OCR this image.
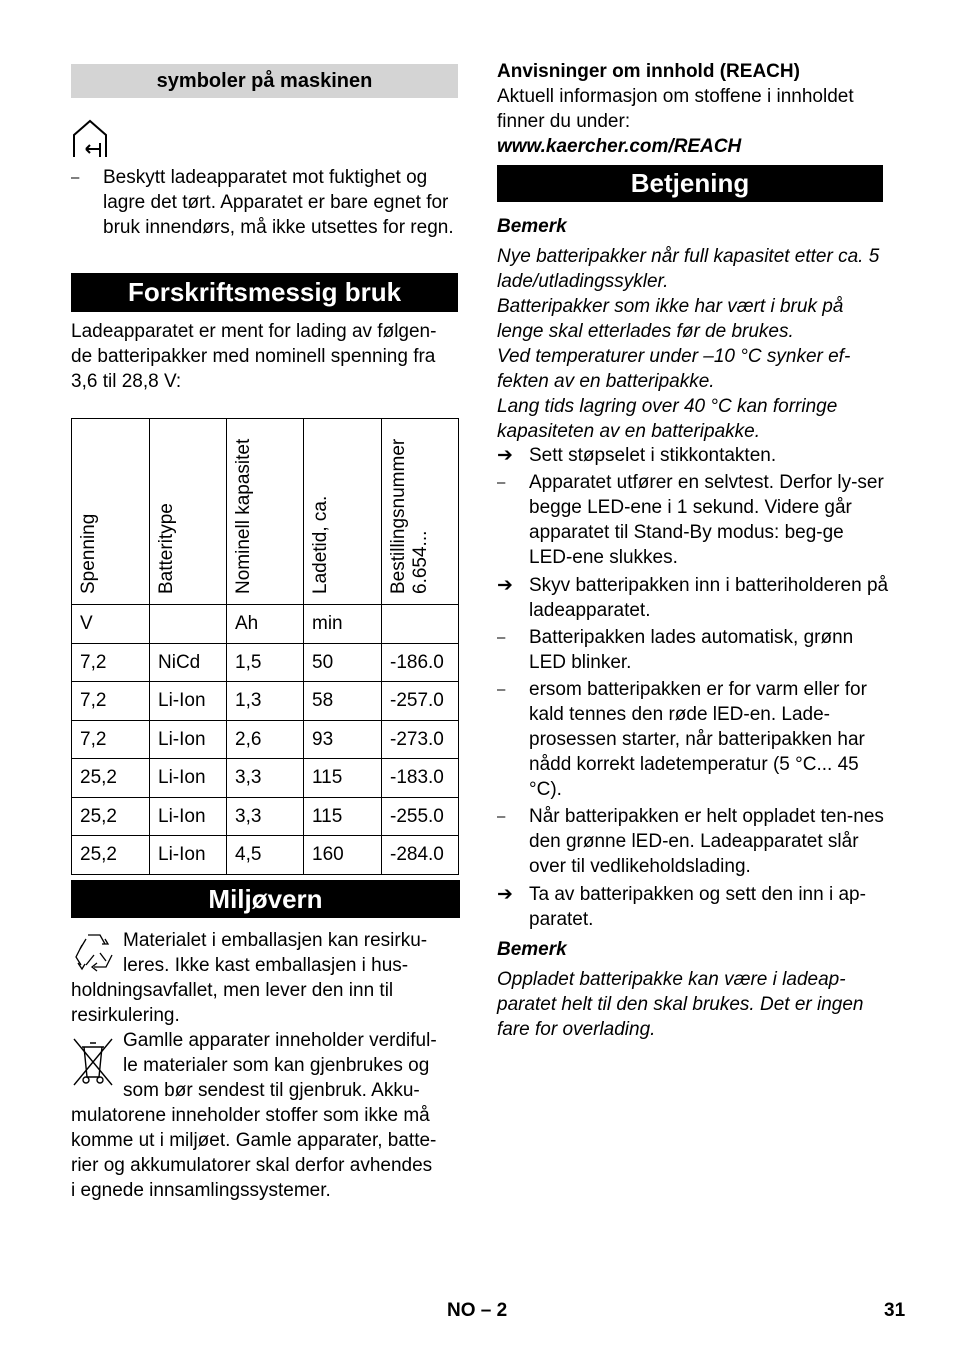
symboler på maskinen
– Beskytt ladeapparatet mot fuktighet og lagre det tørt. Apparatet er bare egnet for bruk innendørs, må ikke utsettes for regn.

Forskriftsmessig bruk

Ladeapparatet er ment for lading av følgen-

de batteripakker med nominell spenning fra

3,6 til 28,8 V:

Spenning	Batteritype	Nominell kapasitet	Ladetid, ca.	Bestillingsnummer
6.654...

V		Ah	min	
7,2	NiCd	1,5	50	-186.0
7,2	Li-Ion	1,3	58	-257.0
7,2	Li-Ion	2,6	93	-273.0
25,2	Li-Ion	3,3	115	-183.0
25,2	Li-Ion	3,3	115	-255.0
25,2	Li-Ion	4,5	160	-284.0
Miljøvern

Materialet i emballasjen kan resirku-

leres. Ikke kast emballasjen i hus-

holdningsavfallet, men lever den inn til

resirkulering.

Gamlle apparater inneholder verdiful-

le materialer som kan gjenbrukes og

som bør sendest til gjenbruk. Akku-

mulatorene inneholder stoffer som ikke må

komme ut i miljøet. Gamle apparater, batte-

rier og akkumulatorer skal derfor avhendes

i egnede innsamlingssystemer.

Anvisninger om innhold (REACH)

Aktuell informasjon om stoffene i innholdet finner du under:

www.kaercher.com/REACH

Betjening

Bemerk

Nye batteripakker når full kapasitet etter ca. 5 lade/utladingssykler.

Batteripakker som ikke har vært i bruk på lenge skal etterlades før de brukes.

Ved temperaturer under –10 °C synker ef-fekten av en batteripakke.

Lang tids lagring over 40 °C kan forringe kapasiteten av en batteripakke.

➔ Sett støpselet i stikkontakten.

– Apparatet utfører en selvtest. Derfor ly-ser begge LED-ene i 1 sekund. Videre går apparatet til Stand-By modus: beg-ge LED-ene slukkes.

➔ Skyv batteripakken inn i batteriholderen på ladeapparatet.

– Batteripakken lades automatisk, grønn LED blinker.

– ersom batteripakken er for varm eller for kald tennes den røde lED-en. Lade-prosessen starter, når batteripakken har nådd korrekt ladetemperatur (5 °C... 45 °C).

– Når batteripakken er helt oppladet ten-nes den grønne lED-en. Ladeapparatet slår over til vedlikeholdslading.

➔ Ta av batteripakken og sett den inn i ap-paratet.

Bemerk

Oppladet batteripakke kan være i ladeap-paratet helt til den skal brukes. Det er ingen fare for overlading.

NO – 2	31
